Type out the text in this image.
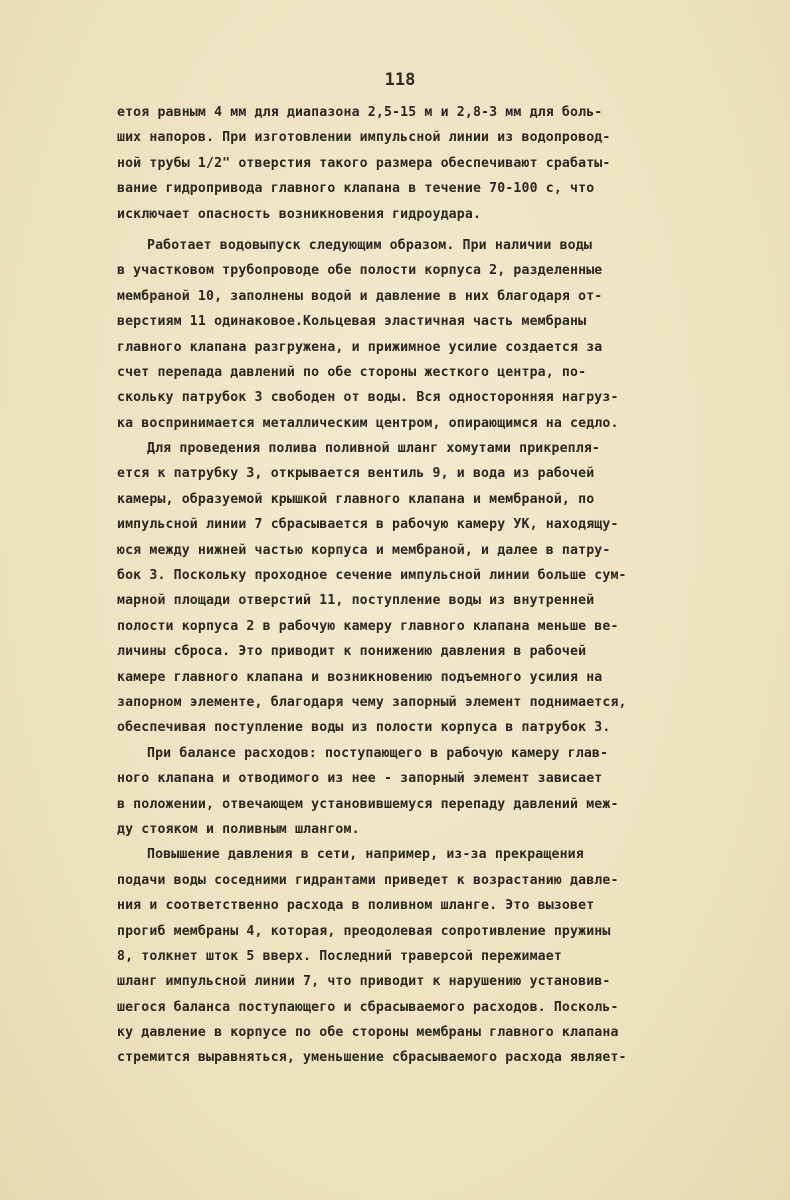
118
етоя равным 4 мм для диапазона 2,5-15 м и 2,8-3 мм для боль-
ших напоров. При изготовлении импульсной линии из водопровод-
ной трубы 1/2" отверстия такого размера обеспечивают срабаты-
вание гидропривода главного клапана в течение 70-100 с, что
исключает опасность возникновения гидроудара.
Работает водовыпуск следующим образом. При наличии воды
в участковом трубопроводе обе полости корпуса 2, разделенные
мембраной 10, заполнены водой и давление в них благодаря от-
верстиям 11 одинаковое.Кольцевая эластичная часть мембраны
главного клапана разгружена, и прижимное усилие создается за
счет перепада давлений по обе стороны жесткого центра, по-
скольку патрубок 3 свободен от воды. Вся односторонняя нагруз-
ка воспринимается металлическим центром, опирающимся на седло.
Для проведения полива поливной шланг хомутами прикрепля-
ется к патрубку 3, открывается вентиль 9, и вода из рабочей
камеры, образуемой крышкой главного клапана и мембраной, по
импульсной линии 7 сбрасывается в рабочую камеру УК, находящу-
юся между нижней частью корпуса и мембраной, и далее в патру-
бок 3. Поскольку проходное сечение импульсной линии больше сум-
марной площади отверстий 11, поступление воды из внутренней
полости корпуса 2 в рабочую камеру главного клапана меньше ве-
личины сброса. Это приводит к понижению давления в рабочей
камере главного клапана и возникновению подъемного усилия на
запорном элементе, благодаря чему запорный элемент поднимается,
обеспечивая поступление воды из полости корпуса в патрубок 3.
При балансе расходов: поступающего в рабочую камеру глав-
ного клапана и отводимого из нее - запорный элемент зависает
в положении, отвечающем установившемуся перепаду давлений меж-
ду стояком и поливным шлангом.
Повышение давления в сети, например, из-за прекращения
подачи воды соседними гидрантами приведет к возрастанию давле-
ния и соответственно расхода в поливном шланге. Это вызовет
прогиб мембраны 4, которая, преодолевая сопротивление пружины
8, толкнет шток 5 вверх. Последний траверсой пережимает
шланг импульсной линии 7, что приводит к нарушению установив-
шегося баланса поступающего и сбрасываемого расходов. Посколь-
ку давление в корпусе по обе стороны мембраны главного клапана
стремится выравняться, уменьшение сбрасываемого расхода являет-
